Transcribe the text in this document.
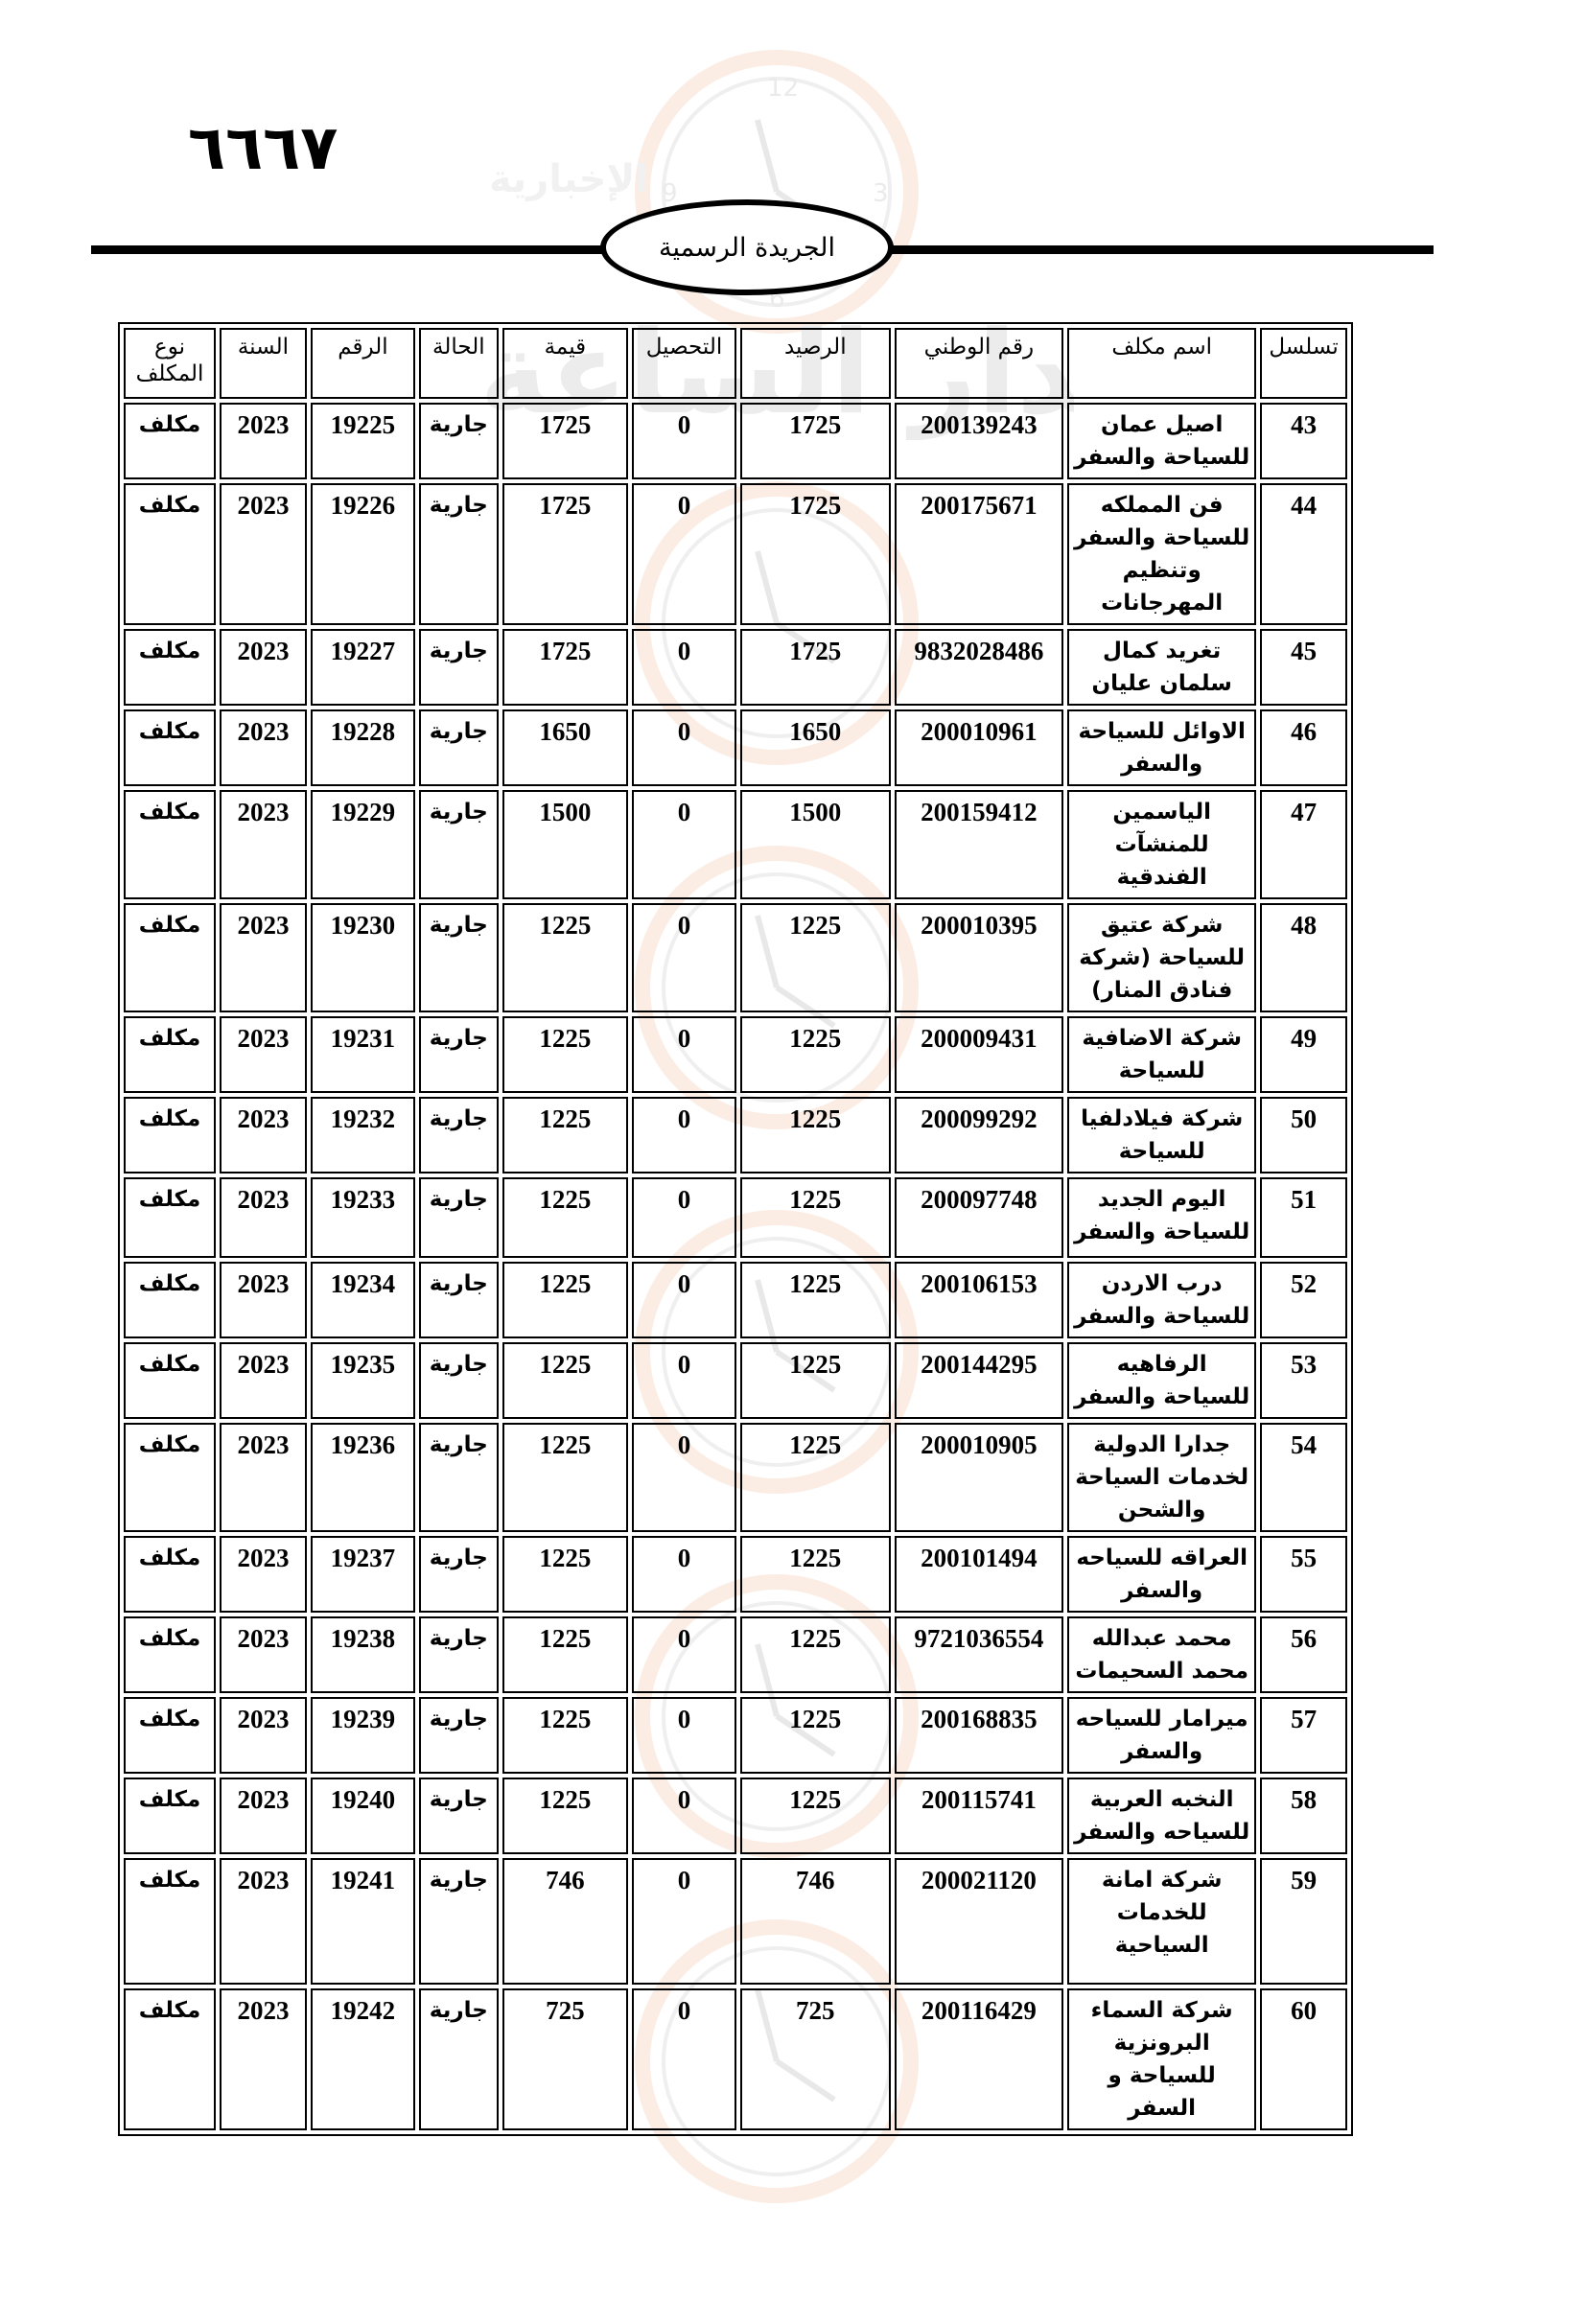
12
9	3
6
دار الساعة
الإخبارية
٦٦٦٧
الجريدة الرسمية
تسلسل	اسم مكلف	رقم الوطني	الرصيد	التحصيل	قيمة	الحالة	الرقم	السنة	نوع المكلف
43	اصيل عمان للسياحة والسفر	200139243	1725	0	1725	جارية	19225	2023	مكلف
44	فن المملكه للسياحة والسفر وتنظيم المهرجانات	200175671	1725	0	1725	جارية	19226	2023	مكلف
45	تغريد كمال سلمان عليان	9832028486	1725	0	1725	جارية	19227	2023	مكلف
46	الاوائل للسياحة والسفر	200010961	1650	0	1650	جارية	19228	2023	مكلف
47	الياسمين للمنشآت الفندقية	200159412	1500	0	1500	جارية	19229	2023	مكلف
48	شركة عتيق للسياحة (شركة فنادق المنار)	200010395	1225	0	1225	جارية	19230	2023	مكلف
49	شركة الاضافية للسياحة	200009431	1225	0	1225	جارية	19231	2023	مكلف
50	شركة فيلادلفيا للسياحة	200099292	1225	0	1225	جارية	19232	2023	مكلف
51	اليوم الجديد للسياحة والسفر	200097748	1225	0	1225	جارية	19233	2023	مكلف
52	درب الاردن للسياحة والسفر	200106153	1225	0	1225	جارية	19234	2023	مكلف
53	الرفاهيه للسياحة والسفر	200144295	1225	0	1225	جارية	19235	2023	مكلف
54	جدارا الدولية لخدمات السياحة والشحن	200010905	1225	0	1225	جارية	19236	2023	مكلف
55	العراقه للسياحه والسفر	200101494	1225	0	1225	جارية	19237	2023	مكلف
56	محمد عبدالله محمد السحيمات	9721036554	1225	0	1225	جارية	19238	2023	مكلف
57	ميرامار للسياحه والسفر	200168835	1225	0	1225	جارية	19239	2023	مكلف
58	النخبه العربية للسياحه والسفر	200115741	1225	0	1225	جارية	19240	2023	مكلف
59	شركة امانة للخدمات السياحية	200021120	746	0	746	جارية	19241	2023	مكلف
60	شركة السماء البرونزية للسياحة و السفر	200116429	725	0	725	جارية	19242	2023	مكلف
